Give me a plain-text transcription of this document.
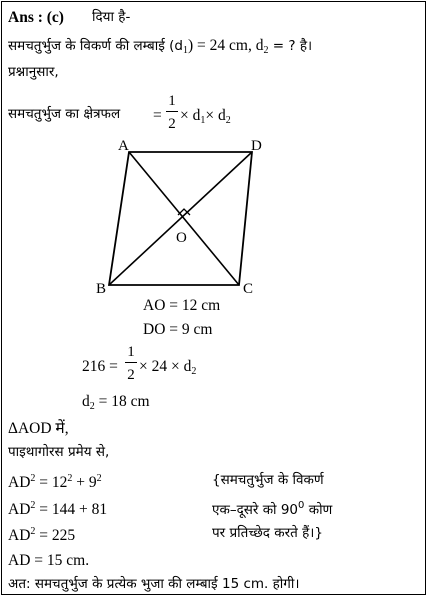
Ans : (c) दिया है-
समचतुर्भुज के विकर्ण की लम्बाई $(d_1) = 24$ cm, $d_2$ = ? है।
प्रश्नानुसार,
समचतुर्भुज का क्षेत्रफल =
1
$2 \times d_1\times d_2$
A	D
B	C
O
AO = 12 cm
DO = 9 cm
216 =
1
$2 \times 24 \times d_2$
$d_2 = 18$ cm
ΔAOD में,
पाइथागोरस प्रमेय से,
$AD^2 = 12^2 + 9^2$
$AD^2 = 144 + 81$
$AD^2 = 225$
AD = 15 cm.
{समचतुर्भुज के विकर्ण
एक–दूसरे को $90^0$ कोण
पर प्रतिच्छेद करते हैं।}
अत: समचतुर्भुज के प्रत्येक भुजा की लम्बाई 15 cm. होगी।
